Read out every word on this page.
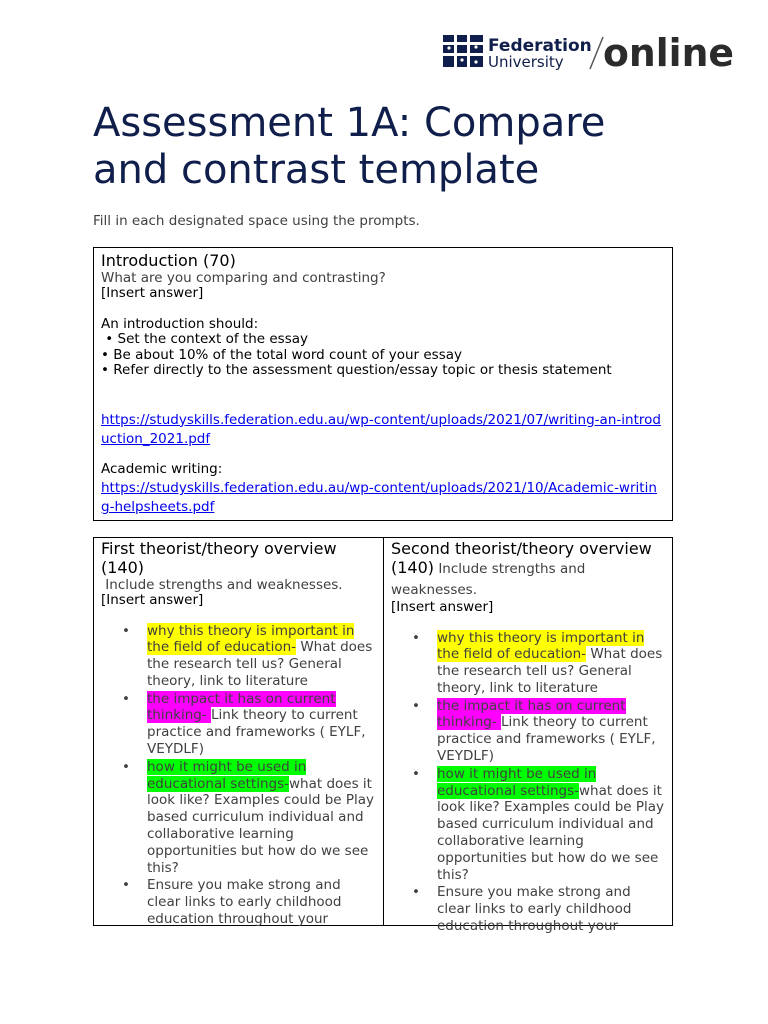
Federation
University online
Assessment 1A: Compare
and contrast template

Fill in each designated space using the prompts.

Introduction (70)
What are you comparing and contrasting?
[Insert answer]
An introduction should:
• Set the context of the essay
• Be about 10% of the total word count of your essay
• Refer directly to the assessment question/essay topic or thesis statement
https://studyskills.federation.edu.au/wp-content/uploads/2021/07/writing-an-introduction_2021.pdf
Academic writing:
https://studyskills.federation.edu.au/wp-content/uploads/2021/10/Academic-writing-helpsheets.pdf
First theorist/theory overview (140)
Include strengths and weaknesses.
[Insert answer]
• why this theory is important in the field of education- What does the research tell us? General theory, link to literature
• the impact it has on current thinking- Link theory to current practice and frameworks ( EYLF, VEYDLF)
• how it might be used in educational settings-what does it look like? Examples could be Play based curriculum individual and collaborative learning opportunities but how do we see this?
• Ensure you make strong and clear links to early childhood education throughout your
Second theorist/theory overview (140) Include strengths and weaknesses.
[Insert answer]
• why this theory is important in the field of education- What does the research tell us? General theory, link to literature
• the impact it has on current thinking- Link theory to current practice and frameworks ( EYLF, VEYDLF)
• how it might be used in educational settings-what does it look like? Examples could be Play based curriculum individual and collaborative learning opportunities but how do we see this?
• Ensure you make strong and clear links to early childhood education throughout your
